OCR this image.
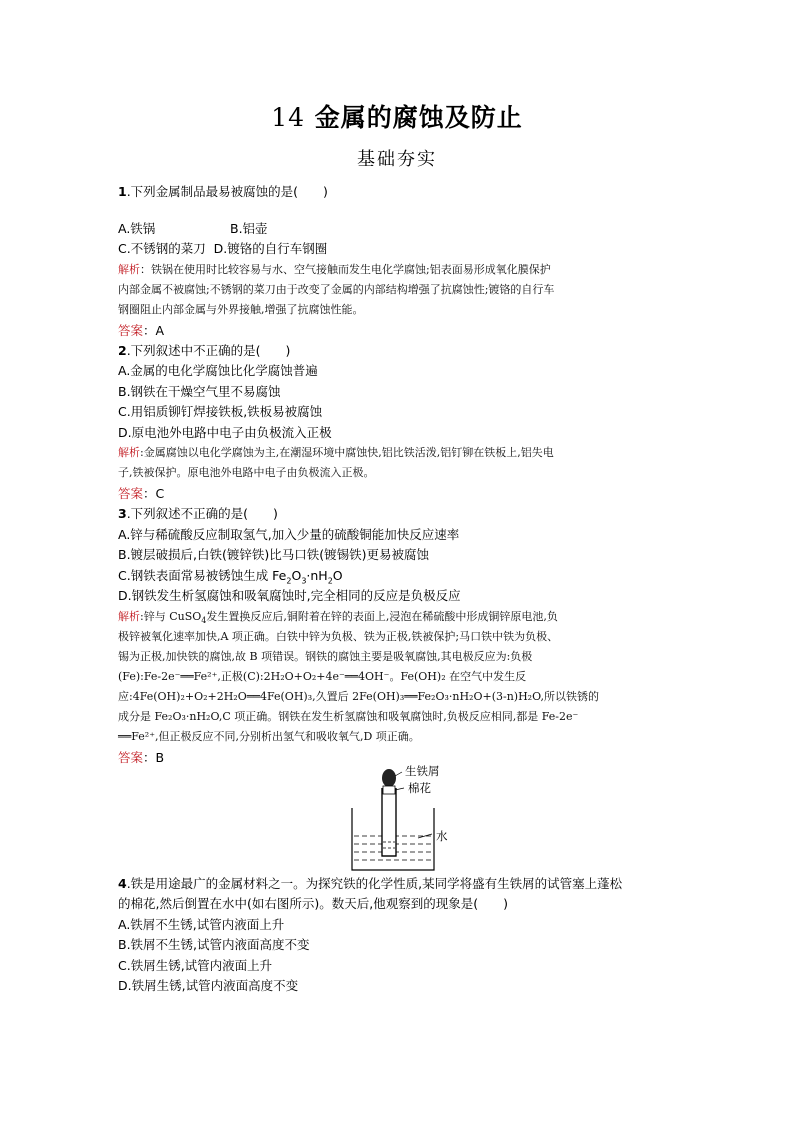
14 金属的腐蚀及防止
基础夯实
1.下列金属制品最易被腐蚀的是(　　)
A.铁锅	B.铝壶
C.不锈钢的菜刀 D.镀铬的自行车钢圈
解析：铁锅在使用时比较容易与水、空气接触而发生电化学腐蚀;铝表面易形成氧化膜保护
内部金属不被腐蚀;不锈钢的菜刀由于改变了金属的内部结构增强了抗腐蚀性;镀铬的自行车
钢圈阻止内部金属与外界接触,增强了抗腐蚀性能。
答案：A
2.下列叙述中不正确的是(　　)
A.金属的电化学腐蚀比化学腐蚀普遍
B.钢铁在干燥空气里不易腐蚀
C.用铝质铆钉焊接铁板,铁板易被腐蚀
D.原电池外电路中电子由负极流入正极
解析:金属腐蚀以电化学腐蚀为主,在潮湿环境中腐蚀快,铝比铁活泼,铝钉铆在铁板上,铝失电
子,铁被保护。原电池外电路中电子由负极流入正极。
答案：C
3.下列叙述不正确的是(　　)
A.锌与稀硫酸反应制取氢气,加入少量的硫酸铜能加快反应速率
B.镀层破损后,白铁(镀锌铁)比马口铁(镀锡铁)更易被腐蚀
C.钢铁表面常易被锈蚀生成 $Fe_2O_3\cdot nH_2O$
D.钢铁发生析氢腐蚀和吸氧腐蚀时,完全相同的反应是负极反应
解析:锌与 CuSO$_4$发生置换反应后,铜附着在锌的表面上,浸泡在稀硫酸中形成铜锌原电池,负
极锌被氧化速率加快,A 项正确。白铁中锌为负极、铁为正极,铁被保护;马口铁中铁为负极、
锡为正极,加快铁的腐蚀,故 B 项错误。钢铁的腐蚀主要是吸氧腐蚀,其电极反应为:负极
(Fe):Fe-2e⁻══Fe²⁺,正极(C):2H₂O+O₂+4e⁻══4OH⁻。Fe(OH)₂ 在空气中发生反
应:4Fe(OH)₂+O₂+2H₂O══4Fe(OH)₃,久置后 2Fe(OH)₃══Fe₂O₃·nH₂O+(3-n)H₂O,所以铁锈的
成分是 Fe₂O₃·nH₂O,C 项正确。钢铁在发生析氢腐蚀和吸氧腐蚀时,负极反应相同,都是 Fe-2e⁻
══Fe²⁺,但正极反应不同,分别析出氢气和吸收氧气,D 项正确。
答案：B
生铁屑
棉花
水
4.铁是用途最广的金属材料之一。为探究铁的化学性质,某同学将盛有生铁屑的试管塞上蓬松
的棉花,然后倒置在水中(如右图所示)。数天后,他观察到的现象是(　　)
A.铁屑不生锈,试管内液面上升
B.铁屑不生锈,试管内液面高度不变
C.铁屑生锈,试管内液面上升
D.铁屑生锈,试管内液面高度不变
